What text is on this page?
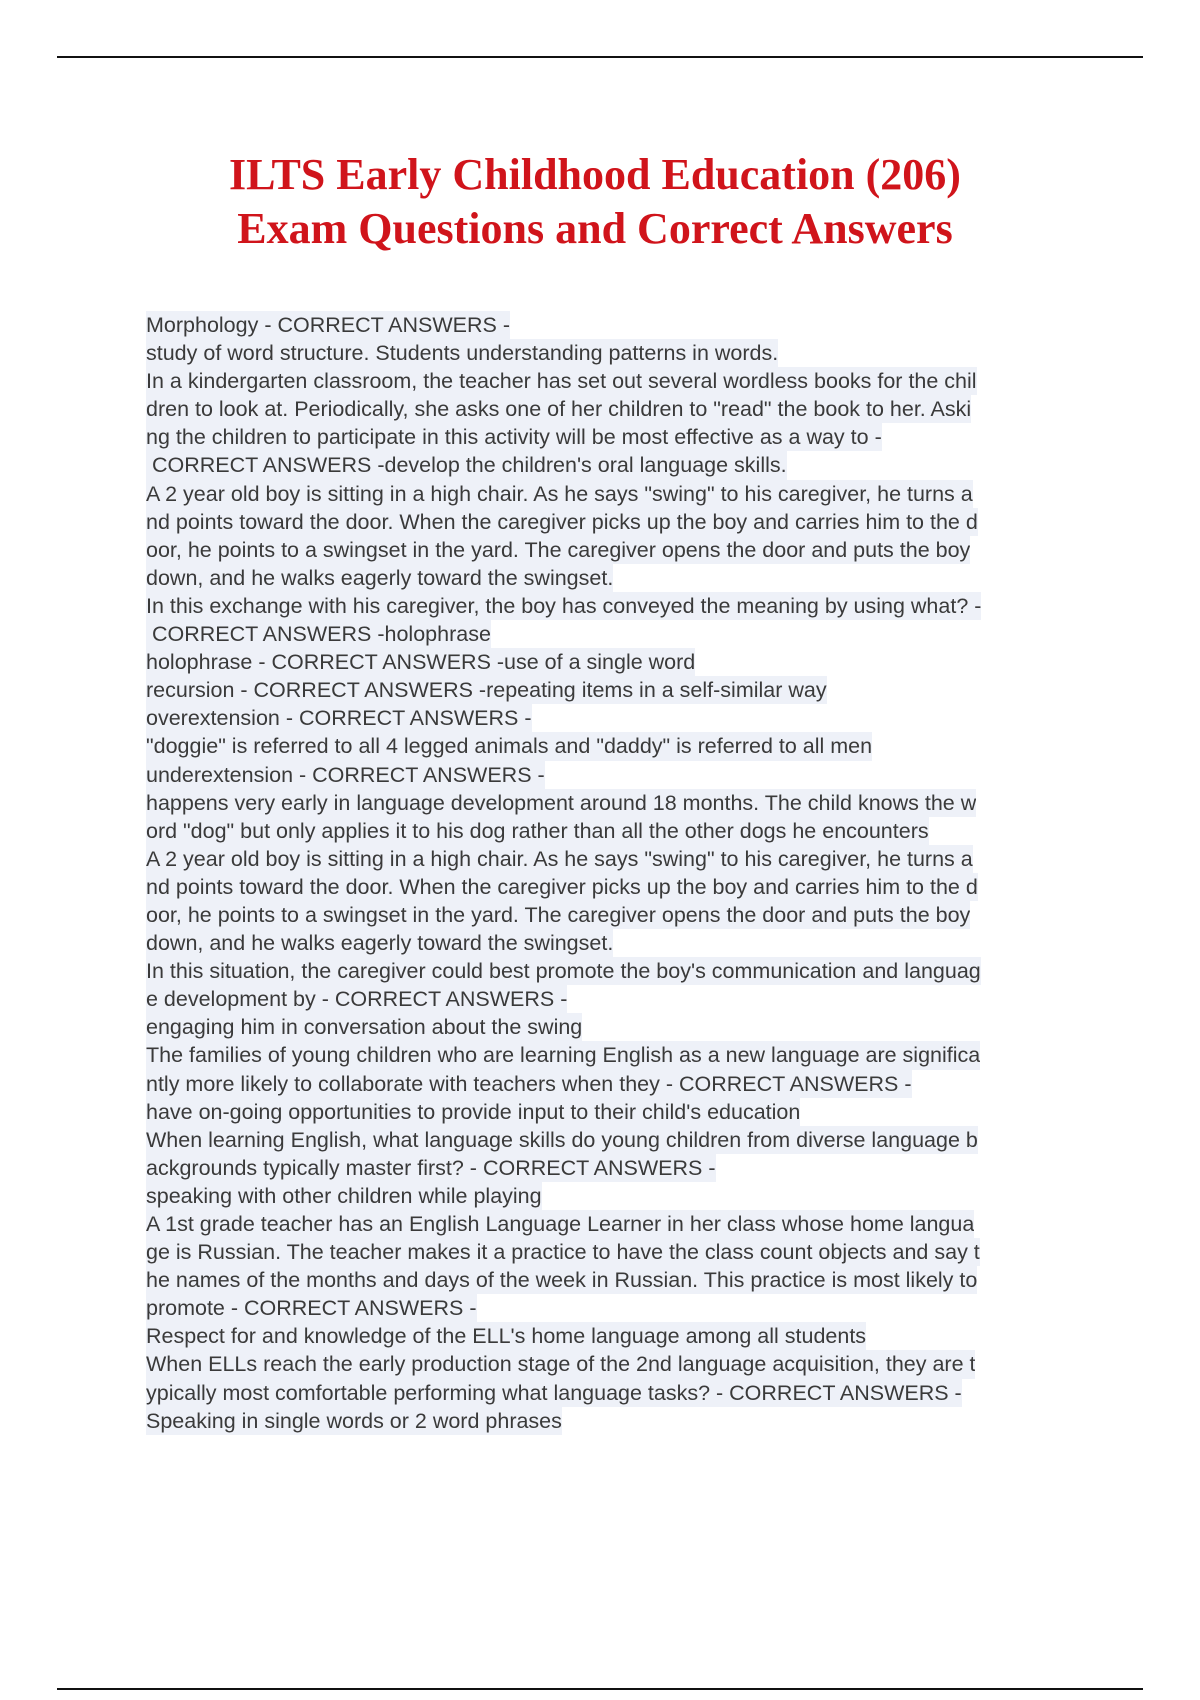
ILTS Early Childhood Education (206)
Exam Questions and Correct Answers
Morphology - CORRECT ANSWERS -
study of word structure. Students understanding patterns in words.
In a kindergarten classroom, the teacher has set out several wordless books for the chil
dren to look at. Periodically, she asks one of her children to "read" the book to her. Aski
ng the children to participate in this activity will be most effective as a way to -
CORRECT ANSWERS -develop the children's oral language skills.
A 2 year old boy is sitting in a high chair. As he says "swing" to his caregiver, he turns a
nd points toward the door. When the caregiver picks up the boy and carries him to the d
oor, he points to a swingset in the yard. The caregiver opens the door and puts the boy
down, and he walks eagerly toward the swingset.
In this exchange with his caregiver, the boy has conveyed the meaning by using what? -
CORRECT ANSWERS -holophrase
holophrase - CORRECT ANSWERS -use of a single word
recursion - CORRECT ANSWERS -repeating items in a self-similar way
overextension - CORRECT ANSWERS -
"doggie" is referred to all 4 legged animals and "daddy" is referred to all men
underextension - CORRECT ANSWERS -
happens very early in language development around 18 months. The child knows the w
ord "dog" but only applies it to his dog rather than all the other dogs he encounters
A 2 year old boy is sitting in a high chair. As he says "swing" to his caregiver, he turns a
nd points toward the door. When the caregiver picks up the boy and carries him to the d
oor, he points to a swingset in the yard. The caregiver opens the door and puts the boy
down, and he walks eagerly toward the swingset.
In this situation, the caregiver could best promote the boy's communication and languag
e development by - CORRECT ANSWERS -
engaging him in conversation about the swing
The families of young children who are learning English as a new language are significa
ntly more likely to collaborate with teachers when they - CORRECT ANSWERS -
have on-going opportunities to provide input to their child's education
When learning English, what language skills do young children from diverse language b
ackgrounds typically master first? - CORRECT ANSWERS -
speaking with other children while playing
A 1st grade teacher has an English Language Learner in her class whose home langua
ge is Russian. The teacher makes it a practice to have the class count objects and say t
he names of the months and days of the week in Russian. This practice is most likely to
promote - CORRECT ANSWERS -
Respect for and knowledge of the ELL's home language among all students
When ELLs reach the early production stage of the 2nd language acquisition, they are t
ypically most comfortable performing what language tasks? - CORRECT ANSWERS -
Speaking in single words or 2 word phrases
